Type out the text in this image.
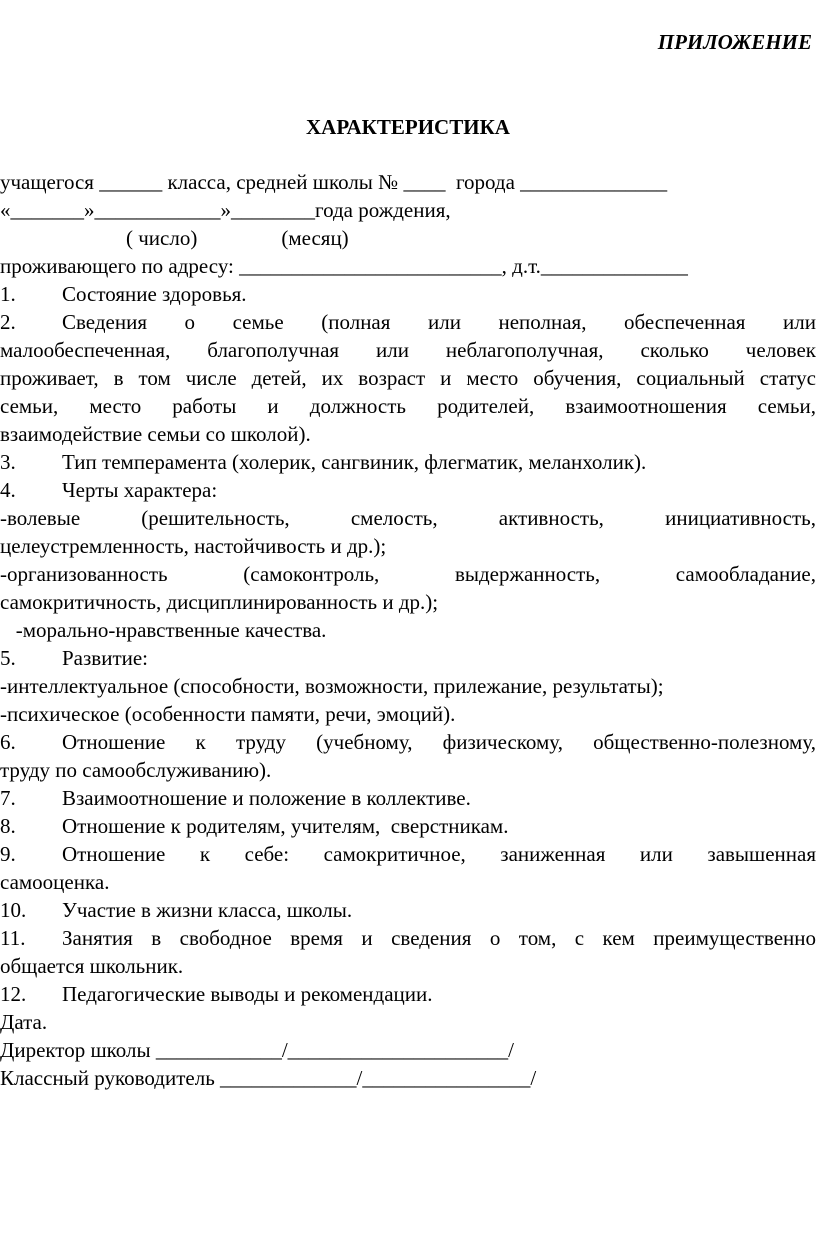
ПРИЛОЖЕНИЕ
ХАРАКТЕРИСТИКА
учащегося ______ класса, средней школы № ____  города ______________
«_______»____________»________года рождения,
( число)                (месяц)
проживающего по адресу: _________________________, д.т.______________
1. Состояние здоровья.
2. Сведения о семье (полная или неполная, обеспеченная или
малообеспеченная, благополучная или неблагополучная, сколько человек
проживает, в том числе детей, их возраст и место обучения, социальный статус
семьи, место работы и должность родителей, взаимоотношения семьи,
взаимодействие семьи со школой).
3. Тип темперамента (холерик, сангвиник, флегматик, меланхолик).
4. Черты характера:
-волевые (решительность, смелость, активность, инициативность,
целеустремленность, настойчивость и др.);
-организованность (самоконтроль, выдержанность, самообладание,
самокритичность, дисциплинированность и др.);
-морально-нравственные качества.
5. Развитие:
-интеллектуальное (способности, возможности, прилежание, результаты);
-психическое (особенности памяти, речи, эмоций).
6. Отношение к труду (учебному, физическому, общественно-полезному,
труду по самообслуживанию).
7. Взаимоотношение и положение в коллективе.
8. Отношение к родителям, учителям,  сверстникам.
9. Отношение к себе: самокритичное, заниженная или завышенная
самооценка.
10. Участие в жизни класса, школы.
11. Занятия в свободное время и сведения о том, с кем преимущественно
общается школьник.
12. Педагогические выводы и рекомендации.
Дата.
Директор школы ____________/_____________________/
Классный руководитель _____________/________________/
